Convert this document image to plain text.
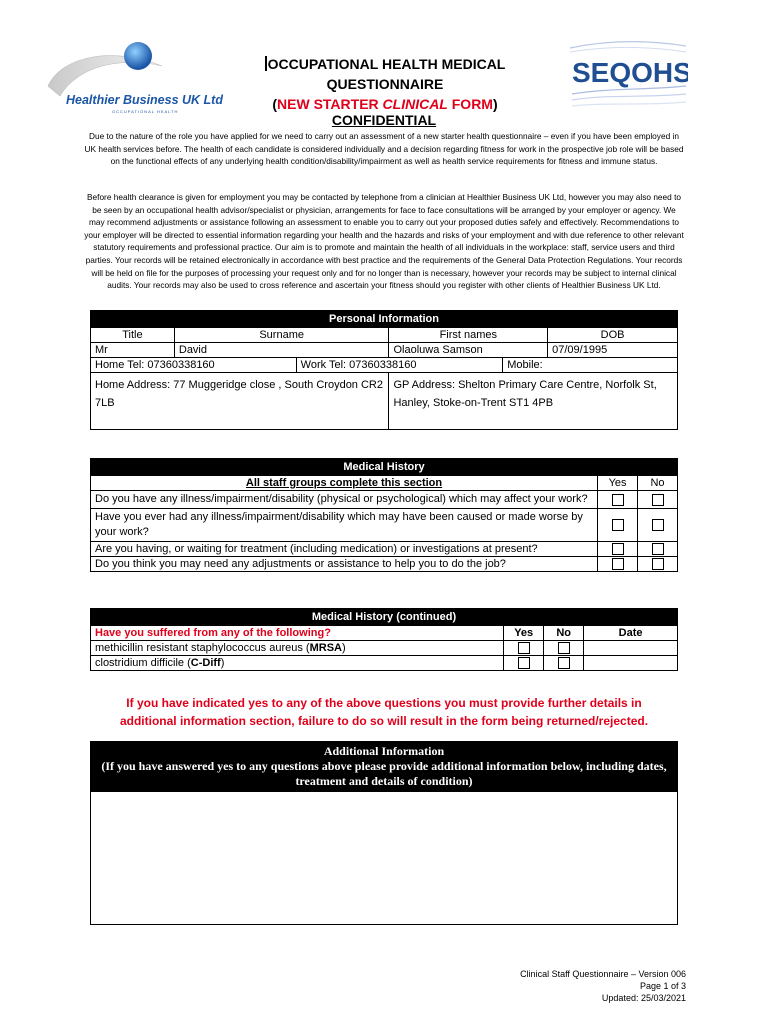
Healthier Business UK Ltd
OCCUPATIONAL HEALTH
OCCUPATIONAL HEALTH MEDICAL QUESTIONNAIRE
(NEW STARTER CLINICAL FORM)
SEQOHS
CONFIDENTIAL
Due to the nature of the role you have applied for we need to carry out an assessment of a new starter health questionnaire – even if you have been employed in UK health services before. The health of each candidate is considered individually and a decision regarding fitness for work in the prospective job role will be based on the functional effects of any underlying health condition/disability/impairment as well as health service requirements for fitness and immune status.
Before health clearance is given for employment you may be contacted by telephone from a clinician at Healthier Business UK Ltd, however you may also need to be seen by an occupational health advisor/specialist or physician, arrangements for face to face consultations will be arranged by your employer or agency. We may recommend adjustments or assistance following an assessment to enable you to carry out your proposed duties safely and effectively. Recommendations to your employer will be directed to essential information regarding your health and the hazards and risks of your employment and with due reference to other relevant statutory requirements and professional practice. Our aim is to promote and maintain the health of all individuals in the workplace: staff, service users and third parties. Your records will be retained electronically in accordance with best practice and the requirements of the General Data Protection Regulations. Your records will be held on file for the purposes of processing your request only and for no longer than is necessary, however your records may be subject to internal clinical audits. Your records may also be used to cross reference and ascertain your fitness should you register with other clients of Healthier Business UK Ltd.
Personal Information					
Title	Surname		First names		DOB
Mr	David		Olaoluwa Samson		07/09/1995
Home Tel: 07360338160		Work Tel: 07360338160		Mobile:	
Home Address: 77 Muggeridge close , South Croydon CR2 7LB			GP Address: Shelton Primary Care Centre, Norfolk St, Hanley, Stoke-on-Trent ST1 4PB		
Medical History		
All staff groups complete this section	Yes	No
Do you have any illness/impairment/disability (physical or psychological) which may affect your work?		
Have you ever had any illness/impairment/disability which may have been caused or made worse by your work?		
Are you having, or waiting for treatment (including medication) or investigations at present?		
Do you think you may need any adjustments or assistance to help you to do the job?		
Medical History (continued)			
Have you suffered from any of the following?	Yes	No	Date
methicillin resistant staphylococcus aureus (MRSA)			
clostridium difficile (C-Diff)			
If you have indicated yes to any of the above questions you must provide further details in additional information section, failure to do so will result in the form being returned/rejected.
Additional Information
(If you have answered yes to any questions above please provide additional information below, including dates, treatment and details of condition)
Clinical Staff Questionnaire – Version 006
Page 1 of 3
Updated: 25/03/2021
